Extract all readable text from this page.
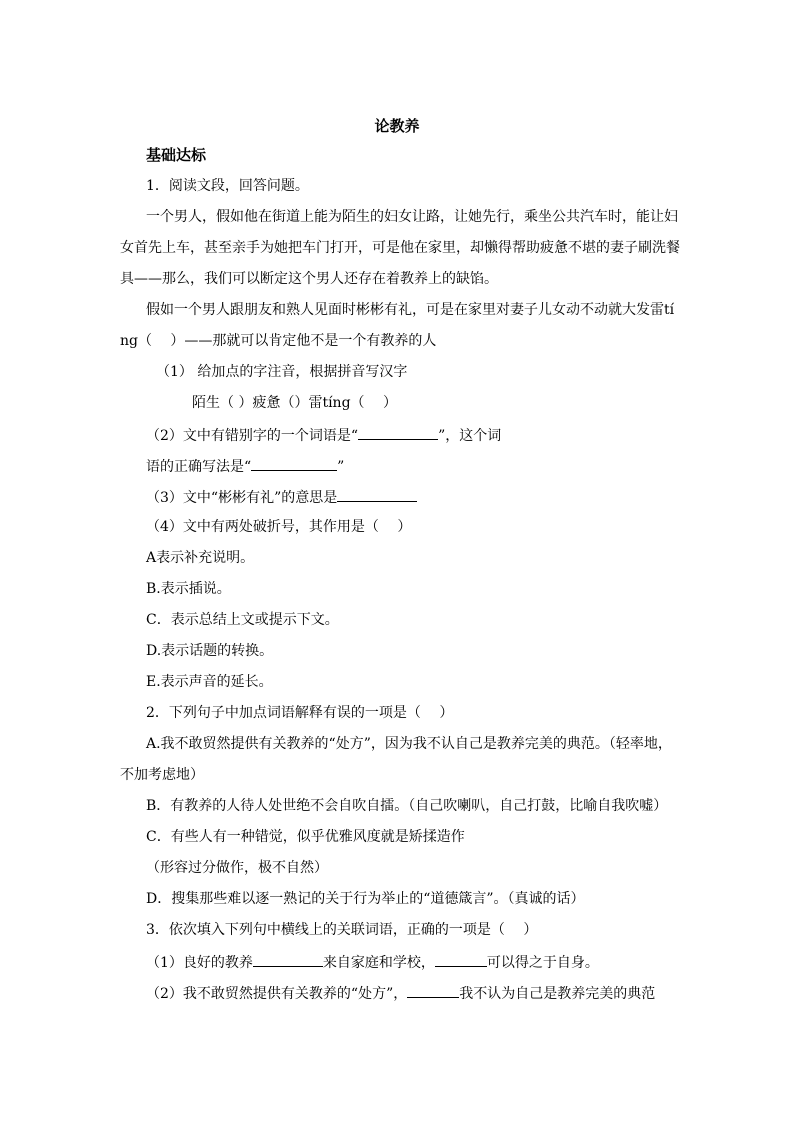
论教养
基础达标
1．阅读文段，回答问题。
一个男人，假如他在街道上能为陌生的妇女让路，让她先行，乘坐公共汽车时，能让妇
女首先上车，甚至亲手为她把车门打开，可是他在家里，却懒得帮助疲惫不堪的妻子刷洗餐
具——那么，我们可以断定这个男人还存在着教养上的缺馅。
假如一个男人跟朋友和熟人见面时彬彬有礼，可是在家里对妻子儿女动不动就大发雷tí
ng（　 ）——那就可以肯定他不是一个有教养的人
（1） 给加点的字注音，根据拼音写汉字
陌生（ ）疲惫（）雷tíng（　 ）
（2）文中有错别字的一个词语是“	”，这个词
语的正确写法是“	”
（3）文中“彬彬有礼”的意思是
（4）文中有两处破折号，其作用是（　 ）
A表示补充说明。
B.表示插说。
C．表示总结上文或提示下文。
D.表示话题的转换。
E.表示声音的延长。
2．下列句子中加点词语解释有误的一项是（　 ）
A.我不敢贸然提供有关教养的“处方”，因为我不认自己是教养完美的典范。（轻率地，
不加考虑地）
B．有教养的人待人处世绝不会自吹自擂。（自己吹喇叭，自己打鼓，比喻自我吹嘘）
C．有些人有一种错觉，似乎优雅风度就是矫揉造作
（形容过分做作，极不自然）
D．搜集那些难以逐一熟记的关于行为举止的“道德箴言”。（真诚的话）
3．依次填入下列句中横线上的关联词语，正确的一项是（　 ）
（1）良好的教养	来自家庭和学校，	可以得之于自身。
（2）我不敢贸然提供有关教养的“处方”，	我不认为自己是教养完美的典范
